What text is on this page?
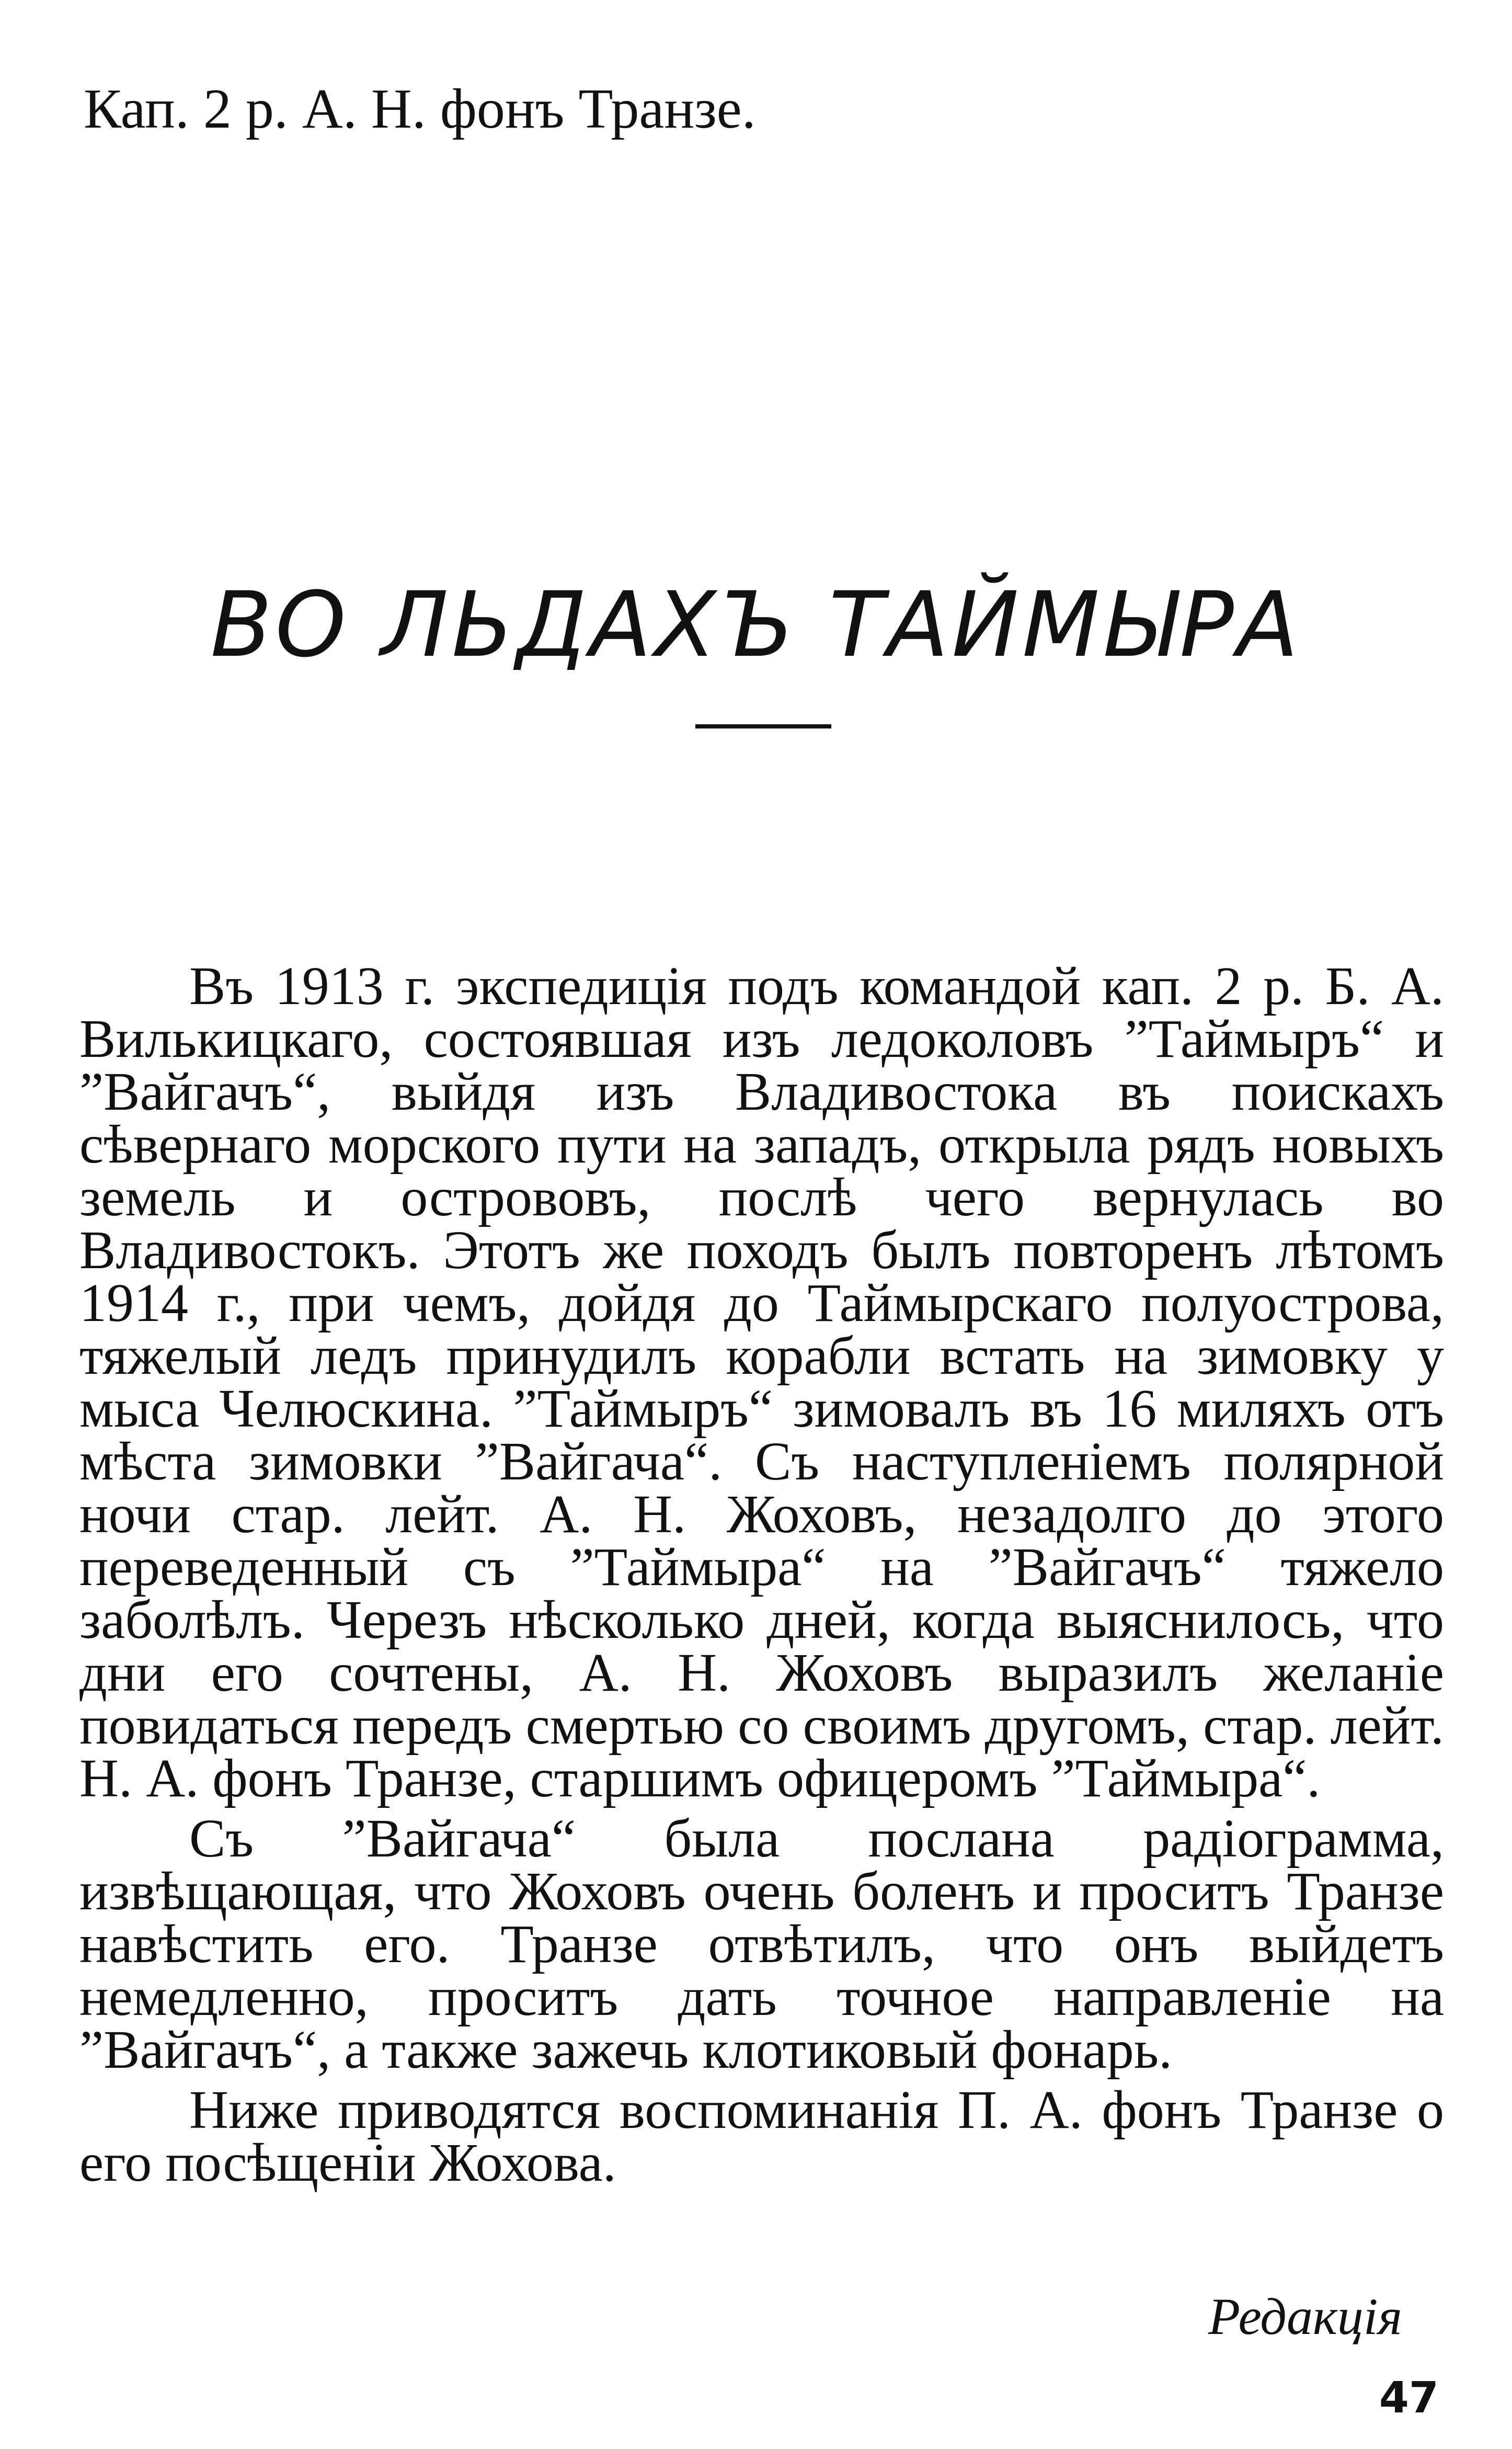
Кап. 2 р. А. Н. фонъ Транзе.
ВО ЛЬДАХЪ ТАЙМЫРА

Въ 1913 г. экспедиція подъ командой кап. 2 р. Б. А. Вилькицкаго, состоявшая изъ ледоколовъ ”Таймыръ“ и ”Вайгачъ“, выйдя изъ Владивостока въ поискахъ сѣвернаго морского пути на западъ, открыла рядъ новыхъ земель и острововъ, послѣ чего вернулась во Владивостокъ. Этотъ же походъ былъ повторенъ лѣтомъ 1914 г., при чемъ, дойдя до Таймырскаго полуострова, тяжелый ледъ принудилъ корабли встать на зимовку у мыса Челюскина. ”Таймыръ“ зимовалъ въ 16 миляхъ отъ мѣста зимовки ”Вайгача“. Съ наступленіемъ полярной ночи стар. лейт. А. Н. Жоховъ, незадолго до этого переведенный съ ”Таймыра“ на ”Вайгачъ“ тяжело заболѣлъ. Черезъ нѣсколько дней, когда выяснилось, что дни его сочтены, А. Н. Жоховъ выразилъ желаніе повидаться передъ смертью со своимъ другомъ, стар. лейт. Н. А. фонъ Транзе, старшимъ офицеромъ ”Таймыра“.

Съ ”Вайгача“ была послана радіограмма, извѣщающая, что Жоховъ очень боленъ и проситъ Транзе навѣстить его. Транзе отвѣтилъ, что онъ выйдетъ немедленно, проситъ дать точное направленіе на ”Вайгачъ“, а также зажечь клотиковый фонарь.

Ниже приводятся воспоминанія П. А. фонъ Транзе о его посѣщеніи Жохова.

Редакція
47
